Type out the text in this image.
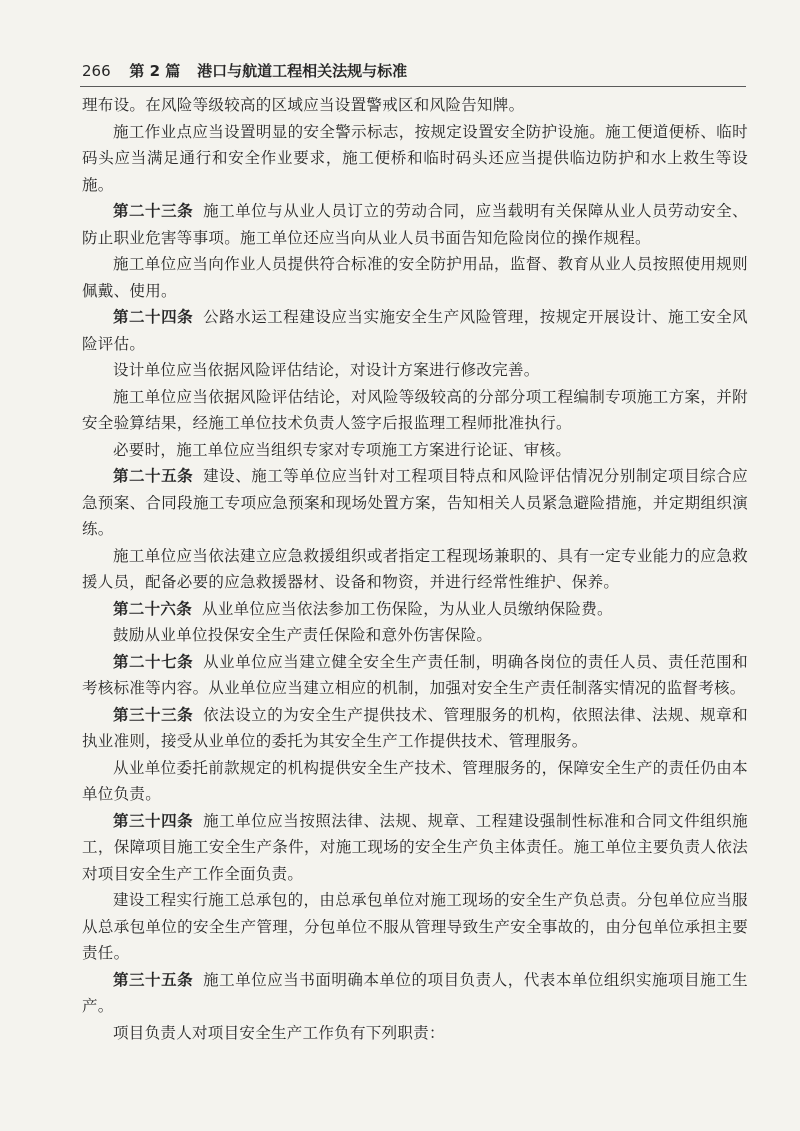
266 第 2 篇 港口与航道工程相关法规与标准

理布设。在风险等级较高的区域应当设置警戒区和风险告知牌。

施工作业点应当设置明显的安全警示标志，按规定设置安全防护设施。施工便道便桥、临时码头应当满足通行和安全作业要求，施工便桥和临时码头还应当提供临边防护和水上救生等设施。

第二十三条 施工单位与从业人员订立的劳动合同，应当载明有关保障从业人员劳动安全、防止职业危害等事项。施工单位还应当向从业人员书面告知危险岗位的操作规程。

施工单位应当向作业人员提供符合标准的安全防护用品，监督、教育从业人员按照使用规则佩戴、使用。

第二十四条 公路水运工程建设应当实施安全生产风险管理，按规定开展设计、施工安全风险评估。

设计单位应当依据风险评估结论，对设计方案进行修改完善。

施工单位应当依据风险评估结论，对风险等级较高的分部分项工程编制专项施工方案，并附安全验算结果，经施工单位技术负责人签字后报监理工程师批准执行。

必要时，施工单位应当组织专家对专项施工方案进行论证、审核。

第二十五条 建设、施工等单位应当针对工程项目特点和风险评估情况分别制定项目综合应急预案、合同段施工专项应急预案和现场处置方案，告知相关人员紧急避险措施，并定期组织演练。

施工单位应当依法建立应急救援组织或者指定工程现场兼职的、具有一定专业能力的应急救援人员，配备必要的应急救援器材、设备和物资，并进行经常性维护、保养。

第二十六条 从业单位应当依法参加工伤保险，为从业人员缴纳保险费。

鼓励从业单位投保安全生产责任保险和意外伤害保险。

第二十七条 从业单位应当建立健全安全生产责任制，明确各岗位的责任人员、责任范围和考核标准等内容。从业单位应当建立相应的机制，加强对安全生产责任制落实情况的监督考核。

第三十三条 依法设立的为安全生产提供技术、管理服务的机构，依照法律、法规、规章和执业准则，接受从业单位的委托为其安全生产工作提供技术、管理服务。

从业单位委托前款规定的机构提供安全生产技术、管理服务的，保障安全生产的责任仍由本单位负责。

第三十四条 施工单位应当按照法律、法规、规章、工程建设强制性标准和合同文件组织施工，保障项目施工安全生产条件，对施工现场的安全生产负主体责任。施工单位主要负责人依法对项目安全生产工作全面负责。

建设工程实行施工总承包的，由总承包单位对施工现场的安全生产负总责。分包单位应当服从总承包单位的安全生产管理，分包单位不服从管理导致生产安全事故的，由分包单位承担主要责任。

第三十五条 施工单位应当书面明确本单位的项目负责人，代表本单位组织实施项目施工生产。

项目负责人对项目安全生产工作负有下列职责：
